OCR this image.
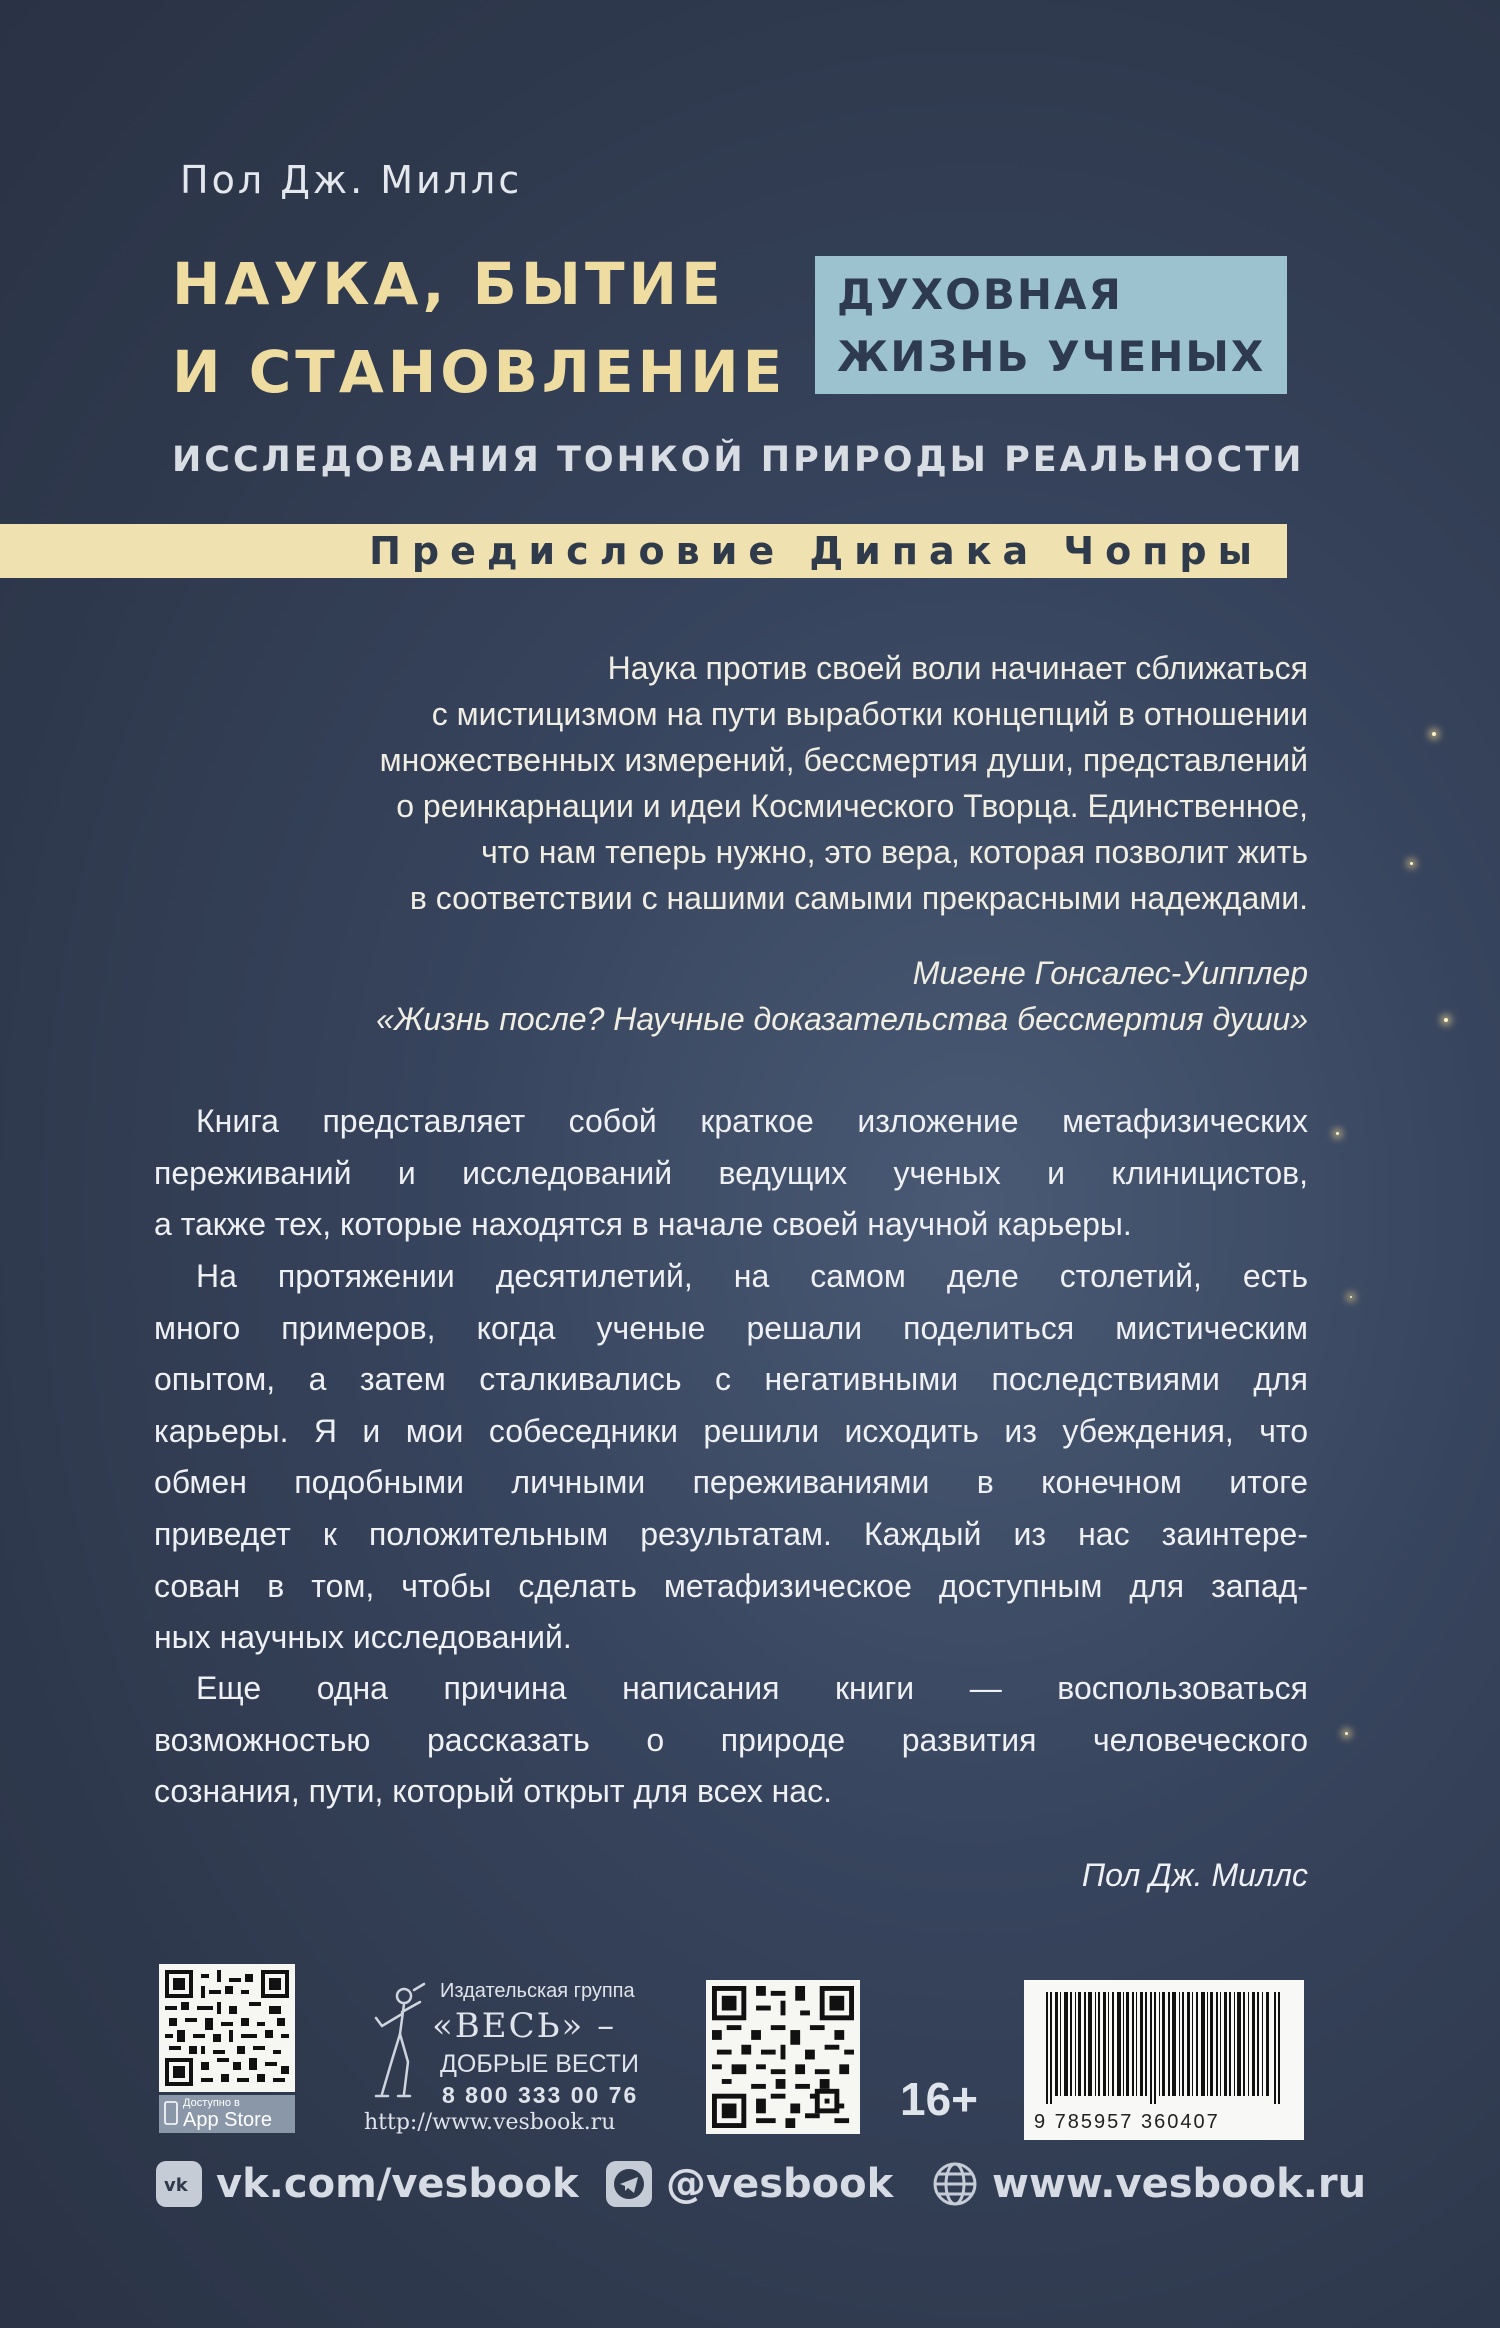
Пол Дж. Миллс
НАУКА, БЫТИЕ
И СТАНОВЛЕНИЕ
ДУХОВНАЯ
ЖИЗНЬ УЧЕНЫХ
ИССЛЕДОВАНИЯ ТОНКОЙ ПРИРОДЫ РЕАЛЬНОСТИ
Предисловие Дипака Чопры
Наука против своей воли начинает сближаться
с мистицизмом на пути выработки концепций в отношении
множественных измерений, бессмертия души, представлений
о реинкарнации и идеи Космического Творца. Единственное,
что нам теперь нужно, это вера, которая позволит жить
в соответствии с нашими самыми прекрасными надеждами.
Мигене Гонсалес-Уипплер
«Жизнь после? Научные доказательства бессмертия души»
Книга представляет собой краткое изложение метафизических
переживаний и исследований ведущих ученых и клиницистов,
а также тех, которые находятся в начале своей научной карьеры.
На протяжении десятилетий, на самом деле столетий, есть
много примеров, когда ученые решали поделиться мистическим
опытом, а затем сталкивались с негативными последствиями для
карьеры. Я и мои собеседники решили исходить из убеждения, что
обмен подобными личными переживаниями в конечном итоге
приведет к положительным результатам. Каждый из нас заинтере-
сован в том, чтобы сделать метафизическое доступным для запад-
ных научных исследований.
Еще одна причина написания книги — воспользоваться
возможностью рассказать о природе развития человеческого
сознания, пути, который открыт для всех нас.
Пол Дж. Миллс
Доступно в
App Store
Издательская группа
«ВЕСЬ» –
ДОБРЫЕ ВЕСТИ
8 800 333 00 76
http://www.vesbook.ru	16+	9 785957 360407
vk vk.com/vesbook @vesbook www.vesbook.ru
